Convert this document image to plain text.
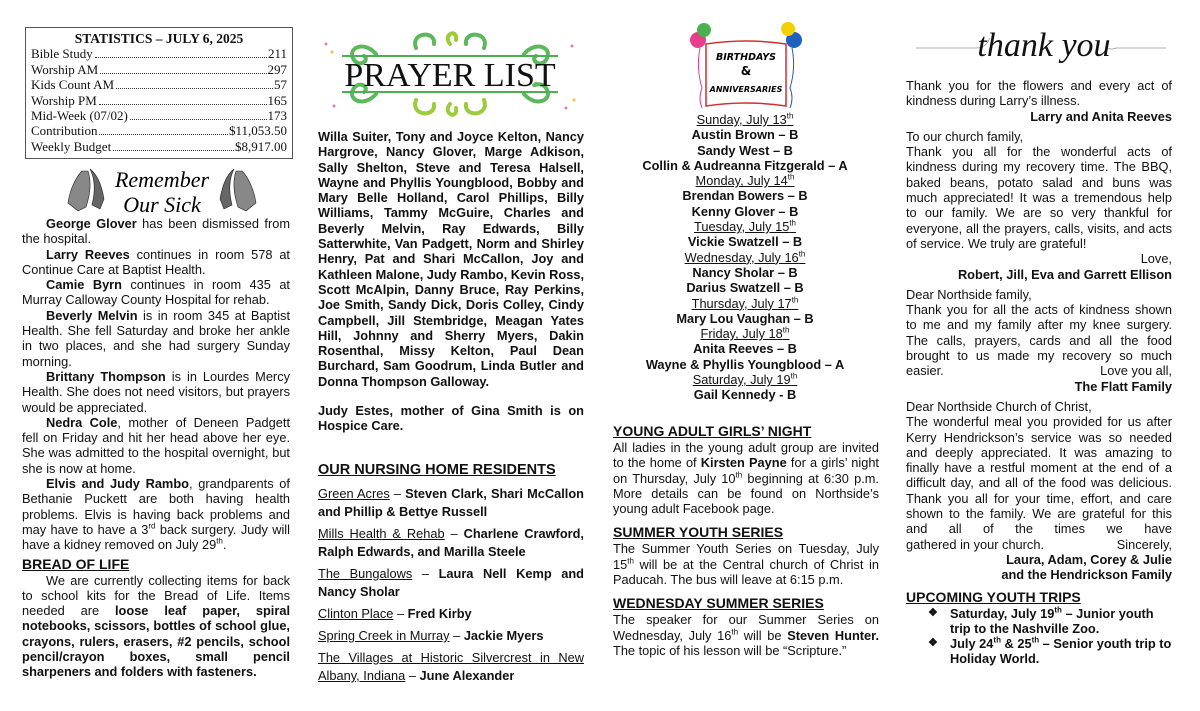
STATISTICS – JULY 6, 2025
Bible Study	211
Worship AM	297
Kids Count AM	57
Worship PM	165
Mid-Week (07/02)	173
Contribution	$11,053.50
Weekly Budget	$8,917.00
Remember
Our Sick

George Glover has been dismissed from the hospital.

Larry Reeves continues in room 578 at Continue Care at Baptist Health.

Camie Byrn continues in room 435 at Murray Calloway County Hospital for rehab.

Beverly Melvin is in room 345 at Baptist Health. She fell Saturday and broke her ankle in two places, and she had surgery Sunday morning.

Brittany Thompson is in Lourdes Mercy Health. She does not need visitors, but prayers would be appreciated.

Nedra Cole, mother of Deneen Padgett fell on Friday and hit her head above her eye. She was admitted to the hospital overnight, but she is now at home.

Elvis and Judy Rambo, grandparents of Bethanie Puckett are both having health problems. Elvis is having back problems and may have to have a 3rd back surgery. Judy will have a kidney removed on July 29th.

BREAD OF LIFE

We are currently collecting items for back to school kits for the Bread of Life. Items needed are loose leaf paper, spiral notebooks, scissors, bottles of school glue, crayons, rulers, erasers, #2 pencils, school pencil/crayon boxes, small pencil sharpeners and folders with fasteners.

PRAYER LIST

Willa Suiter, Tony and Joyce Kelton, Nancy Hargrove, Nancy Glover, Marge Adkison, Sally Shelton, Steve and Teresa Halsell, Wayne and Phyllis Youngblood, Bobby and Mary Belle Holland, Carol Phillips, Billy Williams, Tammy McGuire, Charles and Beverly Melvin, Ray Edwards, Billy Satterwhite, Van Padgett, Norm and Shirley Henry, Pat and Shari McCallon, Joy and Kathleen Malone, Judy Rambo, Kevin Ross, Scott McAlpin, Danny Bruce, Ray Perkins, Joe Smith, Sandy Dick, Doris Colley, Cindy Campbell, Jill Stembridge, Meagan Yates Hill, Johnny and Sherry Myers, Dakin Rosenthal, Missy Kelton, Paul Dean Burchard, Sam Goodrum, Linda Butler and Donna Thompson Galloway.

Judy Estes, mother of Gina Smith is on Hospice Care.

OUR NURSING HOME RESIDENTS

Green Acres – Steven Clark, Shari McCallon and Phillip & Bettye Russell

Mills Health & Rehab – Charlene Crawford, Ralph Edwards, and Marilla Steele

The Bungalows – Laura Nell Kemp and Nancy Sholar

Clinton Place – Fred Kirby

Spring Creek in Murray – Jackie Myers

The Villages at Historic Silvercrest in New Albany, Indiana – June Alexander

BIRTHDAYS
&
ANNIVERSARIES
Sunday, July 13th
Austin Brown – B
Sandy West – B
Collin & Audreanna Fitzgerald – A
Monday, July 14th
Brendan Bowers – B
Kenny Glover – B
Tuesday, July 15th
Vickie Swatzell – B
Wednesday, July 16th
Nancy Sholar – B
Darius Swatzell – B
Thursday, July 17th
Mary Lou Vaughan – B
Friday, July 18th
Anita Reeves – B
Wayne & Phyllis Youngblood – A
Saturday, July 19th
Gail Kennedy - B
YOUNG ADULT GIRLS’ NIGHT

All ladies in the young adult group are invited to the home of Kirsten Payne for a girls’ night on Thursday, July 10th beginning at 6:30 p.m. More details can be found on Northside’s young adult Facebook page.

SUMMER YOUTH SERIES

The Summer Youth Series on Tuesday, July 15th will be at the Central church of Christ in Paducah. The bus will leave at 6:15 p.m.

WEDNESDAY SUMMER SERIES

The speaker for our Summer Series on Wednesday, July 16th will be Steven Hunter. The topic of his lesson will be “Scripture.”

thank you

Thank you for the flowers and every act of kindness during Larry’s illness.

Larry and Anita Reeves
To our church family,

Thank you all for the wonderful acts of kindness during my recovery time. The BBQ, baked beans, potato salad and buns was much appreciated! It was a tremendous help to our family. We are so very thankful for everyone, all the prayers, calls, visits, and acts of service. We truly are grateful!

Love,
Robert, Jill, Eva and Garrett Ellison
Dear Northside family,

Thank you for all the acts of kindness shown to me and my family after my knee surgery. The calls, prayers, cards and all the food brought to us made my recovery so much easier. Love you all,

The Flatt Family
Dear Northside Church of Christ,

The wonderful meal you provided for us after Kerry Hendrickson’s service was so needed and deeply appreciated. It was amazing to finally have a restful moment at the end of a difficult day, and all of the food was delicious. Thank you all for your time, effort, and care shown to the family. We are grateful for this and all of the times we have gathered in your church.	Sincerely,

Laura, Adam, Corey & Julie
and the Hendrickson Family
UPCOMING YOUTH TRIPS
❖ Saturday, July 19th – Junior youth trip to the Nashville Zoo.
❖ July 24th & 25th – Senior youth trip to Holiday World.
